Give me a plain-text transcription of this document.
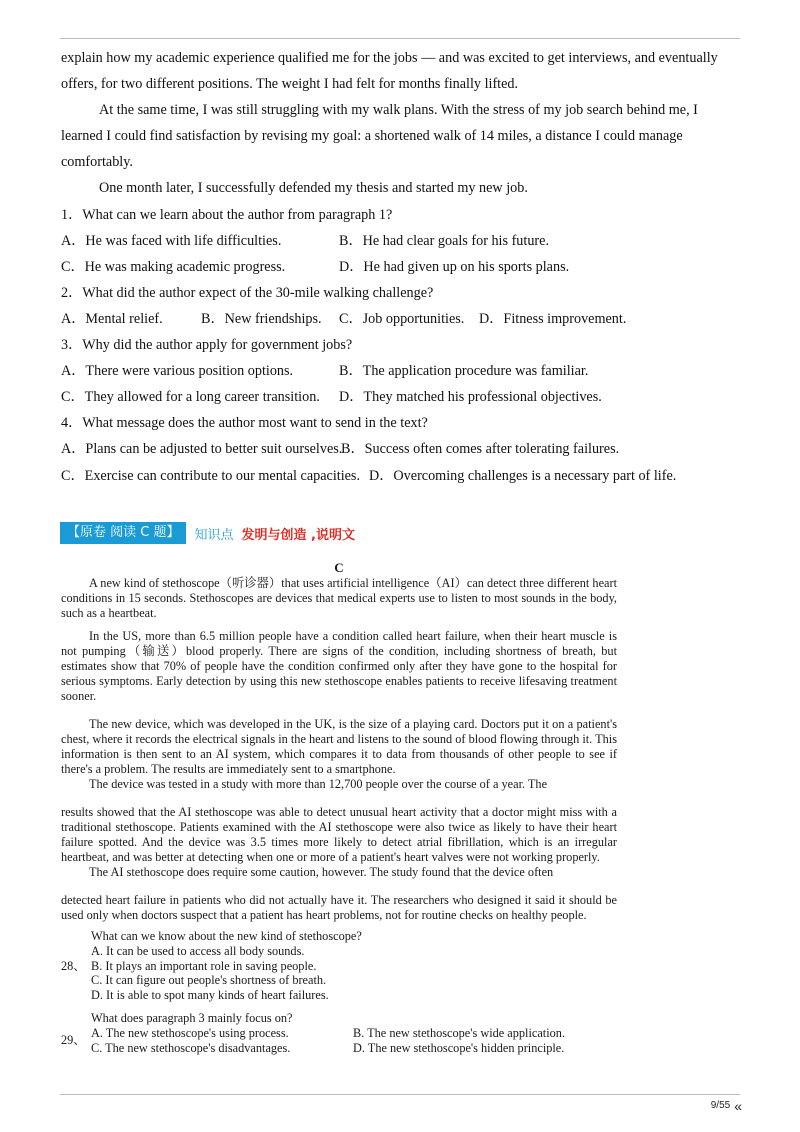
explain how my academic experience qualified me for the jobs — and was excited to get interviews, and eventually
offers, for two different positions. The weight I had felt for months finally lifted.
At the same time, I was still struggling with my walk plans. With the stress of my job search behind me, I
learned I could find satisfaction by revising my goal: a shortened walk of 14 miles, a distance I could manage
comfortably.
One month later, I successfully defended my thesis and started my new job.
1．What can we learn about the author from paragraph 1?
A．He was faced with life difficulties.	B．He had clear goals for his future.
C．He was making academic progress.	D．He had given up on his sports plans.
2．What did the author expect of the 30-mile walking challenge?
A．Mental relief.	B．New friendships.	C．Job opportunities.	D．Fitness improvement.
3．Why did the author apply for government jobs?
A．There were various position options.	B．The application procedure was familiar.
C．They allowed for a long career transition.	D．They matched his professional objectives.
4．What message does the author most want to send in the text?
A．Plans can be adjusted to better suit ourselves.
B．Success often comes after tolerating failures.
C．Exercise can contribute to our mental capacities. D．Overcoming challenges is a necessary part of life.
【原卷 阅读 C 题】	知识点 发明与创造 ,说明文
C

A new kind of stethoscope（听诊器）that uses artificial intelligence（AI）can detect three different heart conditions in 15 seconds. Stethoscopes are devices that medical experts use to listen to most sounds in the body, such as a heartbeat.

In the US, more than 6.5 million people have a condition called heart failure, when their heart muscle is not pumping（输送）blood properly. There are signs of the condition, including shortness of breath, but estimates show that 70% of people have the condition confirmed only after they have gone to the hospital for serious symptoms. Early detection by using this new stethoscope enables patients to receive lifesaving treatment sooner.

The new device, which was developed in the UK, is the size of a playing card. Doctors put it on a patient's chest, where it records the electrical signals in the heart and listens to the sound of blood flowing through it. This information is then sent to an AI system, which compares it to data from thousands of other people to see if there's a problem. The results are immediately sent to a smartphone.

The device was tested in a study with more than 12,700 people over the course of a year. The

results showed that the AI stethoscope was able to detect unusual heart activity that a doctor might miss with a traditional stethoscope. Patients examined with the AI stethoscope were also twice as likely to have their heart failure spotted. And the device was 3.5 times more likely to detect atrial fibrillation, which is an irregular heartbeat, and was better at detecting when one or more of a patient's heart valves were not working properly.

The AI stethoscope does require some caution, however. The study found that the device often

detected heart failure in patients who did not actually have it. The researchers who designed it said it should be used only when doctors suspect that a patient has heart problems, not for routine checks on healthy people.

28、
What can we know about the new kind of stethoscope?
A. It can be used to access all body sounds.
B. It plays an important role in saving people.
C. It can figure out people's shortness of breath.
D. It is able to spot many kinds of heart failures.
29、
What does paragraph 3 mainly focus on?
A. The new stethoscope's using process.	B. The new stethoscope's wide application.
C. The new stethoscope's disadvantages.	D. The new stethoscope's hidden principle.
9/55 «
